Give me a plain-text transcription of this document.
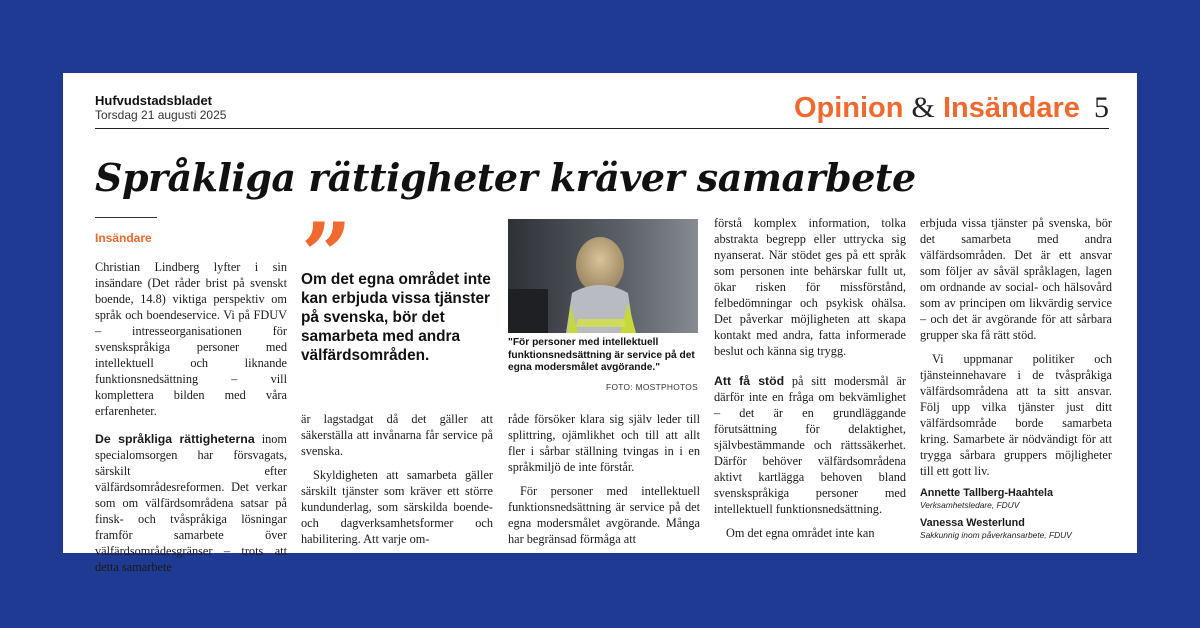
Hufvudstadsbladet
Torsdag 21 augusti 2025	Opinion & Insändare 5
Språkliga rättigheter kräver samarbete
Insändare

Christian Lindberg lyfter i sin insändare (Det råder brist på svenskt boende, 14.8) viktiga perspektiv om språk och boendeservice. Vi på FDUV – intresseorganisationen för svenskspråkiga personer med intellektuell och liknande funktionsnedsättning – vill komplettera bilden med våra erfarenheter.

De språkliga rättigheterna inom specialomsorgen har försvagats, särskilt efter välfärdsområdesreformen. Det verkar som om välfärdsområdena satsar på finsk- och tvåspråkiga lösningar framför samarbete över välfärdsområdesgränser – trots att detta samarbete

”
Om det egna området inte kan erbjuda vissa tjänster på svenska, bör det samarbeta med andra välfärdsområden.

är lagstadgat då det gäller att säkerställa att invånarna får service på svenska.

Skyldigheten att samarbeta gäller särskilt tjänster som kräver ett större kundunderlag, som särskilda boende- och dagverksamhetsformer och habilitering. Att varje om-

"För personer med intellektuell funktionsnedsättning är service på det egna modersmålet avgörande."
FOTO: MOSTPHOTOS

råde försöker klara sig själv leder till splittring, ojämlikhet och till att allt fler i sårbar ställning tvingas in i en språkmiljö de inte förstår.

För personer med intellektuell funktionsnedsättning är service på det egna modersmålet avgörande. Många har begränsad förmåga att

förstå komplex information, tolka abstrakta begrepp eller uttrycka sig nyanserat. När stödet ges på ett språk som personen inte behärskar fullt ut, ökar risken för missförstånd, felbedömningar och psykisk ohälsa. Det påverkar möjligheten att skapa kontakt med andra, fatta informerade beslut och känna sig trygg.

Att få stöd på sitt modersmål är därför inte en fråga om bekvämlighet – det är en grundläggande förutsättning för delaktighet, självbestämmande och rättssäkerhet. Därför behöver välfärdsområdena aktivt kartlägga behoven bland svenskspråkiga personer med intellektuell funktionsnedsättning.

Om det egna området inte kan

erbjuda vissa tjänster på svenska, bör det samarbeta med andra välfärdsområden. Det är ett ansvar som följer av såväl språklagen, lagen om ordnande av social- och hälsovård som av principen om likvärdig service – och det är avgörande för att sårbara grupper ska få rätt stöd.

Vi uppmanar politiker och tjänsteinnehavare i de tvåspråkiga välfärdsområdena att ta sitt ansvar. Följ upp vilka tjänster just ditt välfärdsområde borde samarbeta kring. Samarbete är nödvändigt för att trygga sårbara gruppers möjligheter till ett gott liv.

Annette Tallberg-Haahtela
Verksamhetsledare, FDUV
Vanessa Westerlund
Sakkunnig inom påverkansarbete, FDUV
